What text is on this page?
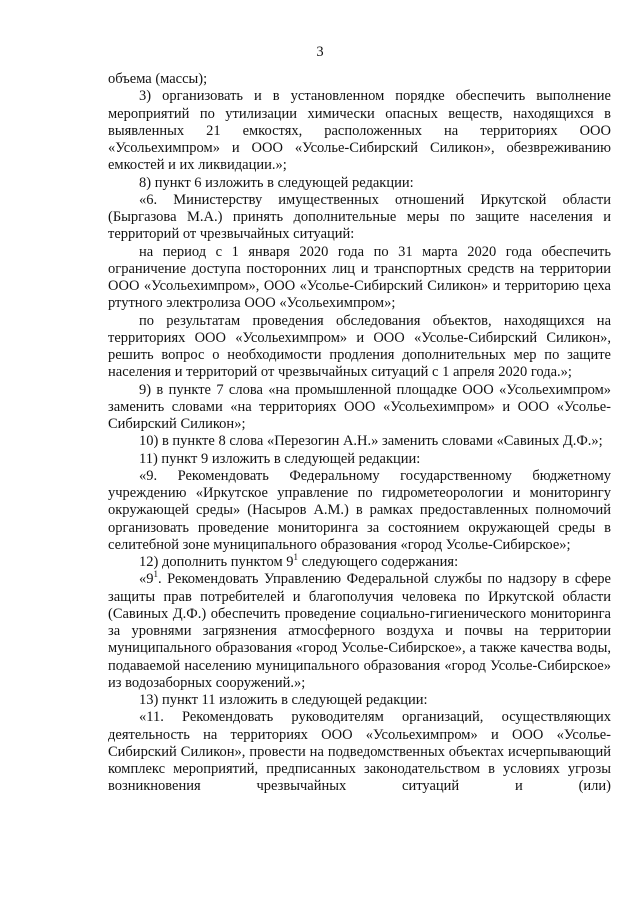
3

объема (массы);

3) организовать и в установленном порядке обеспечить выполнение мероприятий по утилизации химически опасных веществ, находящихся в выявленных 21 емкостях, расположенных на территориях ООО «Усольехимпром» и ООО «Усолье-Сибирский Силикон», обезвреживанию емкостей и их ликвидации.»;

8) пункт 6 изложить в следующей редакции:

«6. Министерству имущественных отношений Иркутской области (Быргазова М.А.) принять дополнительные меры по защите населения и территорий от чрезвычайных ситуаций:

на период с 1 января 2020 года по 31 марта 2020 года обеспечить ограничение доступа посторонних лиц и транспортных средств на территории ООО «Усольехимпром», ООО «Усолье-Сибирский Силикон» и территорию цеха ртутного электролиза ООО «Усольехимпром»;

по результатам проведения обследования объектов, находящихся на территориях ООО «Усольехимпром» и ООО «Усолье-Сибирский Силикон», решить вопрос о необходимости продления дополнительных мер по защите населения и территорий от чрезвычайных ситуаций с 1 апреля 2020 года.»;

9) в пункте 7 слова «на промышленной площадке ООО «Усольехимпром» заменить словами «на территориях ООО «Усольехимпром» и ООО «Усолье-Сибирский Силикон»;

10) в пункте 8 слова «Перезогин А.Н.» заменить словами «Савиных Д.Ф.»;

11) пункт 9 изложить в следующей редакции:

«9. Рекомендовать Федеральному государственному бюджетному учреждению «Иркутское управление по гидрометеорологии и мониторингу окружающей среды» (Насыров А.М.) в рамках предоставленных полномочий организовать проведение мониторинга за состоянием окружающей среды в селитебной зоне муниципального образования «город Усолье-Сибирское»;

12) дополнить пунктом $9^1$ следующего содержания:

«$9^1$. Рекомендовать Управлению Федеральной службы по надзору в сфере защиты прав потребителей и благополучия человека по Иркутской области (Савиных Д.Ф.) обеспечить проведение социально-гигиенического мониторинга за уровнями загрязнения атмосферного воздуха и почвы на территории муниципального образования «город Усолье-Сибирское», а также качества воды, подаваемой населению муниципального образования «город Усолье-Сибирское» из водозаборных сооружений.»;

13) пункт 11 изложить в следующей редакции:

«11. Рекомендовать руководителям организаций, осуществляющих деятельность на территориях ООО «Усольехимпром» и ООО «Усолье-Сибирский Силикон», провести на подведомственных объектах исчерпывающий комплекс мероприятий, предписанных законодательством в условиях угрозы возникновения чрезвычайных ситуаций и (или)
